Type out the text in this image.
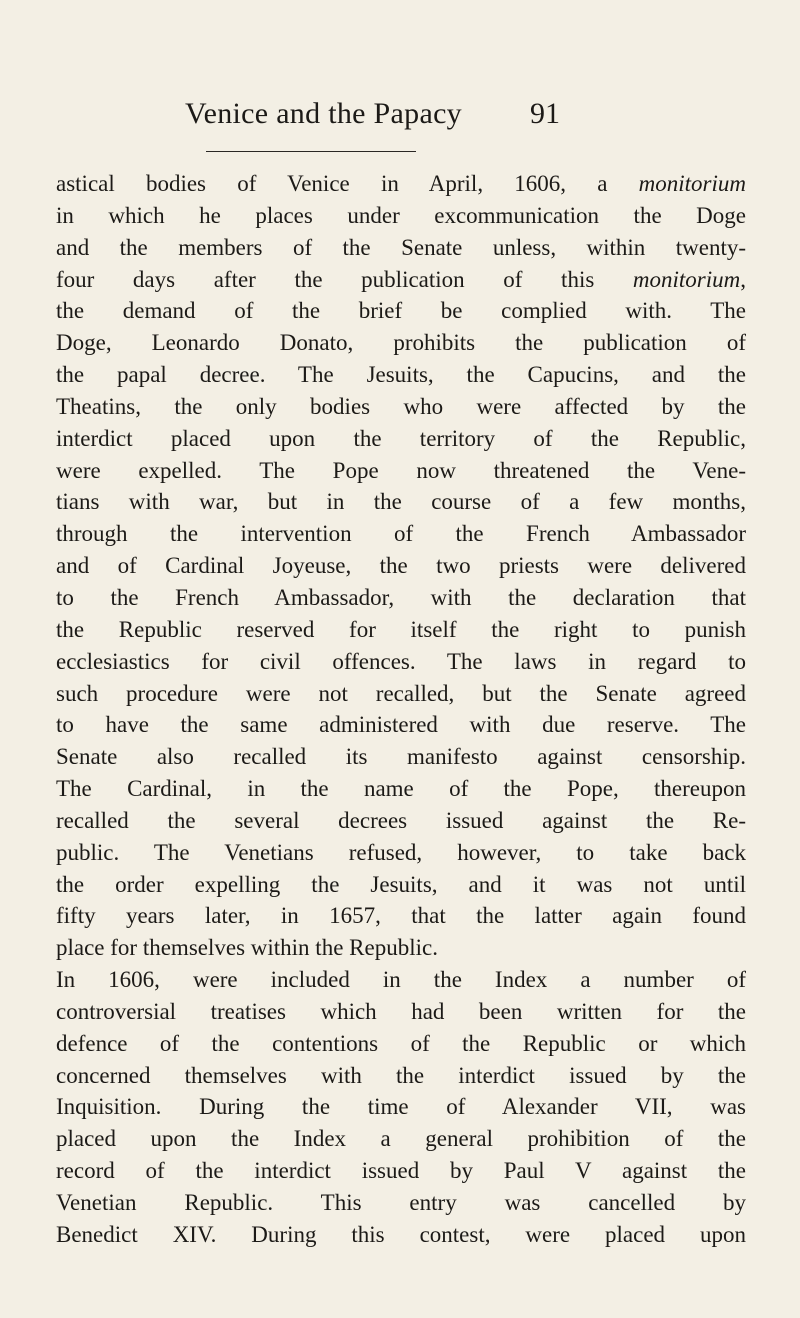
Venice and the Papacy 91
astical bodies of Venice in April, 1606, a monitorium
in which he places under excommunication the Doge
and the members of the Senate unless, within twenty-
four days after the publication of this monitorium,
the demand of the brief be complied with. The
Doge, Leonardo Donato, prohibits the publication of
the papal decree. The Jesuits, the Capucins, and the
Theatins, the only bodies who were affected by the
interdict placed upon the territory of the Republic,
were expelled. The Pope now threatened the Vene-
tians with war, but in the course of a few months,
through the intervention of the French Ambassador
and of Cardinal Joyeuse, the two priests were delivered
to the French Ambassador, with the declaration that
the Republic reserved for itself the right to punish
ecclesiastics for civil offences. The laws in regard to
such procedure were not recalled, but the Senate agreed
to have the same administered with due reserve. The
Senate also recalled its manifesto against censorship.
The Cardinal, in the name of the Pope, thereupon
recalled the several decrees issued against the Re-
public. The Venetians refused, however, to take back
the order expelling the Jesuits, and it was not until
fifty years later, in 1657, that the latter again found
place for themselves within the Republic.
In 1606, were included in the Index a number of
controversial treatises which had been written for the
defence of the contentions of the Republic or which
concerned themselves with the interdict issued by the
Inquisition. During the time of Alexander VII, was
placed upon the Index a general prohibition of the
record of the interdict issued by Paul V against the
Venetian Republic. This entry was cancelled by
Benedict XIV. During this contest, were placed upon
